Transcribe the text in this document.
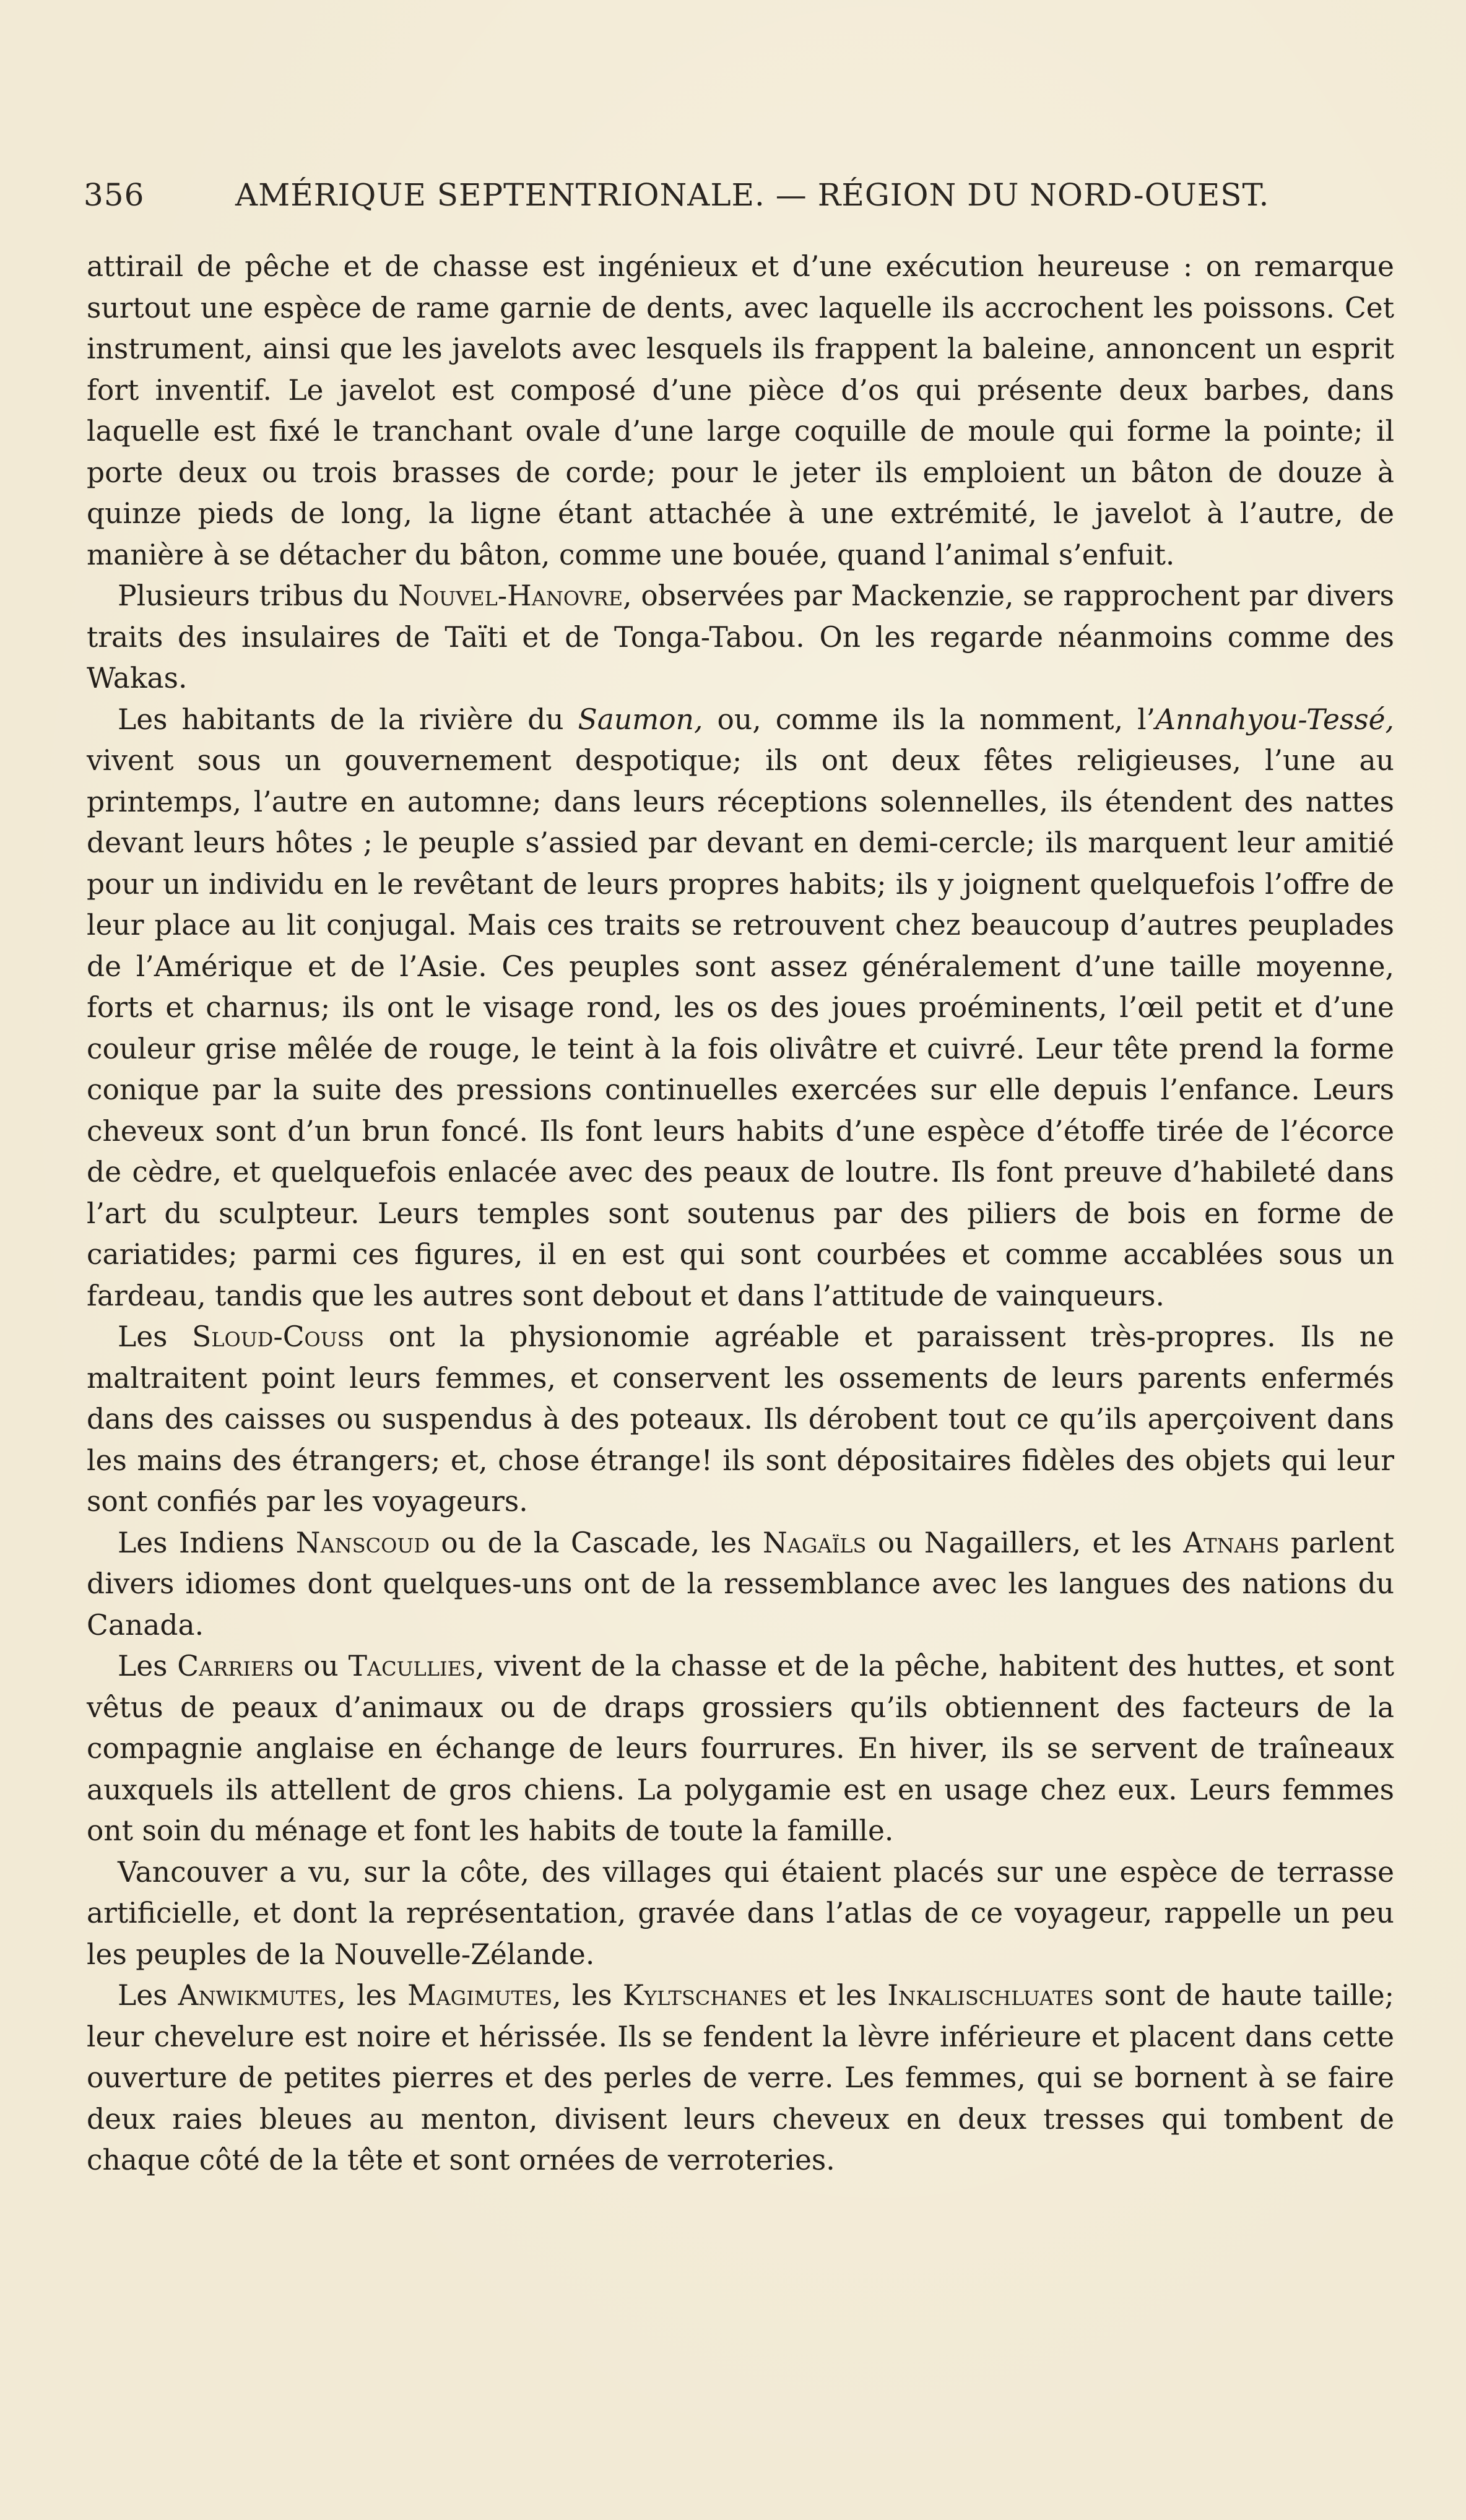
356	AMÉRIQUE SEPTENTRIONALE. — RÉGION DU NORD-OUEST.

attirail de pêche et de chasse est ingénieux et d’une exécution heureuse : on remarque surtout une espèce de rame garnie de dents, avec laquelle ils accrochent les poissons. Cet instrument, ainsi que les javelots avec lesquels ils frappent la baleine, annoncent un esprit fort inventif. Le javelot est composé d’une pièce d’os qui présente deux barbes, dans laquelle est fixé le tranchant ovale d’une large coquille de moule qui forme la pointe; il porte deux ou trois brasses de corde; pour le jeter ils emploient un bâton de douze à quinze pieds de long, la ligne étant attachée à une extrémité, le javelot à l’autre, de manière à se détacher du bâton, comme une bouée, quand l’animal s’enfuit.

Plusieurs tribus du Nouvel-Hanovre, observées par Mackenzie, se rapprochent par divers traits des insulaires de Taïti et de Tonga-Tabou. On les regarde néanmoins comme des Wakas.

Les habitants de la rivière du Saumon, ou, comme ils la nomment, l’Annahyou-Tessé, vivent sous un gouvernement despotique; ils ont deux fêtes religieuses, l’une au printemps, l’autre en automne; dans leurs réceptions solennelles, ils étendent des nattes devant leurs hôtes ; le peuple s’assied par devant en demi-cercle; ils marquent leur amitié pour un individu en le revêtant de leurs propres habits; ils y joignent quelquefois l’offre de leur place au lit conjugal. Mais ces traits se retrouvent chez beaucoup d’autres peuplades de l’Amérique et de l’Asie. Ces peuples sont assez généralement d’une taille moyenne, forts et charnus; ils ont le visage rond, les os des joues proéminents, l’œil petit et d’une couleur grise mêlée de rouge, le teint à la fois olivâtre et cuivré. Leur tête prend la forme conique par la suite des pressions continuelles exercées sur elle depuis l’enfance. Leurs cheveux sont d’un brun foncé. Ils font leurs habits d’une espèce d’étoffe tirée de l’écorce de cèdre, et quelquefois enlacée avec des peaux de loutre. Ils font preuve d’habileté dans l’art du sculpteur. Leurs temples sont soutenus par des piliers de bois en forme de cariatides; parmi ces figures, il en est qui sont courbées et comme accablées sous un fardeau, tandis que les autres sont debout et dans l’attitude de vainqueurs.

Les Sloud-Couss ont la physionomie agréable et paraissent très-propres. Ils ne maltraitent point leurs femmes, et conservent les ossements de leurs parents enfermés dans des caisses ou suspendus à des poteaux. Ils dérobent tout ce qu’ils aperçoivent dans les mains des étrangers; et, chose étrange! ils sont dépositaires fidèles des objets qui leur sont confiés par les voyageurs.

Les Indiens Nanscoud ou de la Cascade, les Nagaïls ou Nagaillers, et les Atnahs parlent divers idiomes dont quelques-uns ont de la ressemblance avec les langues des nations du Canada.

Les Carriers ou Tacullies, vivent de la chasse et de la pêche, habitent des huttes, et sont vêtus de peaux d’animaux ou de draps grossiers qu’ils obtiennent des facteurs de la compagnie anglaise en échange de leurs fourrures. En hiver, ils se servent de traîneaux auxquels ils attellent de gros chiens. La polygamie est en usage chez eux. Leurs femmes ont soin du ménage et font les habits de toute la famille.

Vancouver a vu, sur la côte, des villages qui étaient placés sur une espèce de terrasse artificielle, et dont la représentation, gravée dans l’atlas de ce voyageur, rappelle un peu les peuples de la Nouvelle-Zélande.

Les Anwikmutes, les Magimutes, les Kyltschanes et les Inkalischluates sont de haute taille; leur chevelure est noire et hérissée. Ils se fendent la lèvre inférieure et placent dans cette ouverture de petites pierres et des perles de verre. Les femmes, qui se bornent à se faire deux raies bleues au menton, divisent leurs cheveux en deux tresses qui tombent de chaque côté de la tête et sont ornées de verroteries.
